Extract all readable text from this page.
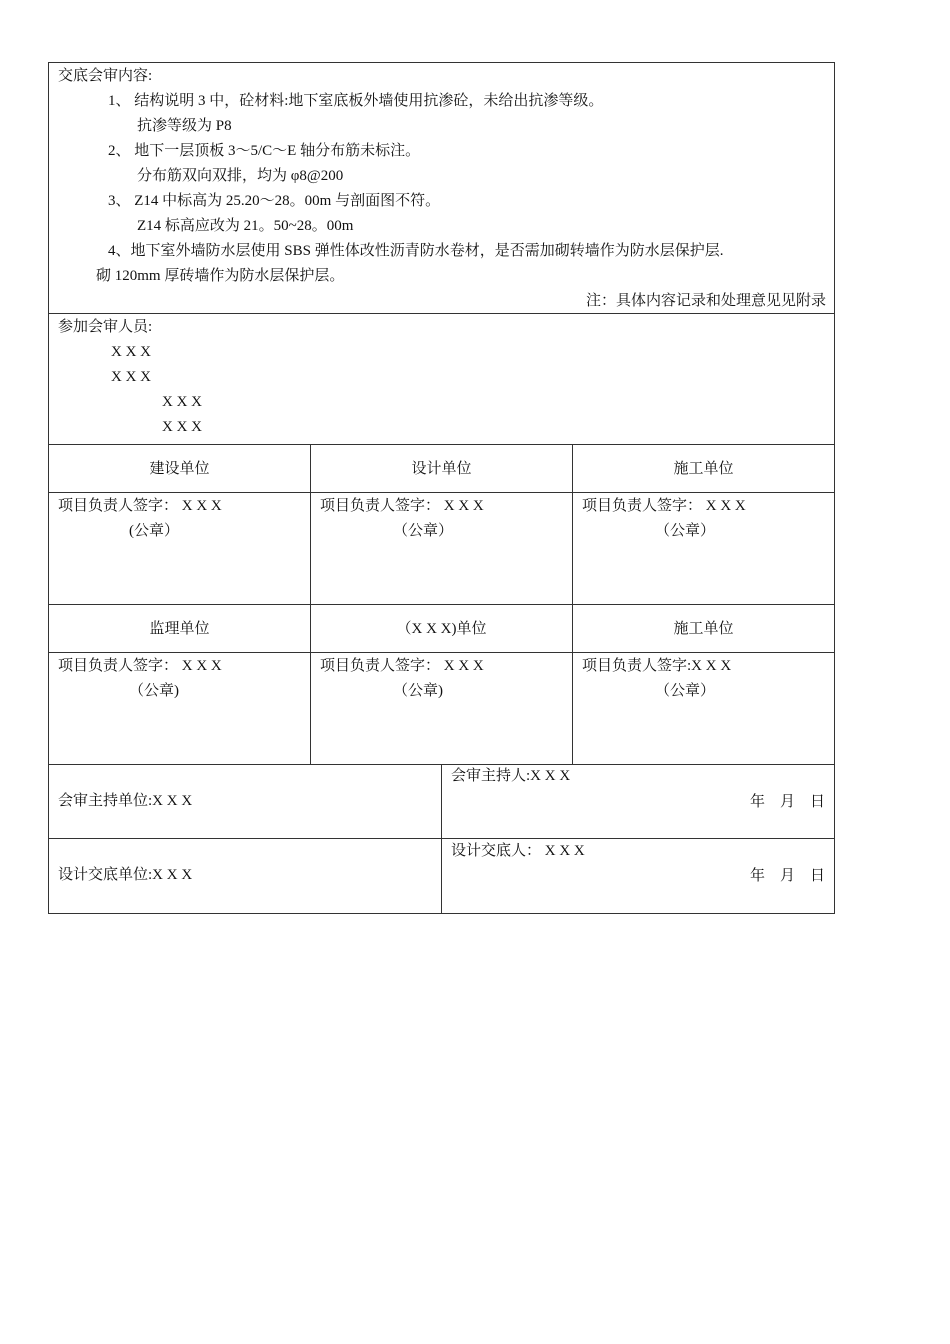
交底会审内容:
1、 结构说明 3 中，砼材料:地下室底板外墙使用抗渗砼，未给出抗渗等级。
抗渗等级为 P8
2、 地下一层顶板 3～5/C～E 轴分布筋未标注。
分布筋双向双排，均为 φ8@200
3、 Z14 中标高为 25.20～28。00m 与剖面图不符。
Z14 标高应改为 21。50~28。00m
4、地下室外墙防水层使用 SBS 弹性体改性沥青防水卷材，是否需加砌转墙作为防水层保护层.
砌 120mm 厚砖墙作为防水层保护层。
注：具体内容记录和处理意见见附录
参加会审人员:
X X X
X X X
X X X
X X X
建设单位	设计单位	施工单位
项目负责人签字： X X X
(公章）
项目负责人签字： X X X
（公章）
项目负责人签字： X X X
（公章）
监理单位	（X X X)单位	施工单位
项目负责人签字： X X X
（公章)
项目负责人签字： X X X
（公章)
项目负责人签字:X X X
（公章）
会审主持单位:X X X
会审主持人:X X X
年    月    日
设计交底单位:X X X
设计交底人： X X X
年    月    日
